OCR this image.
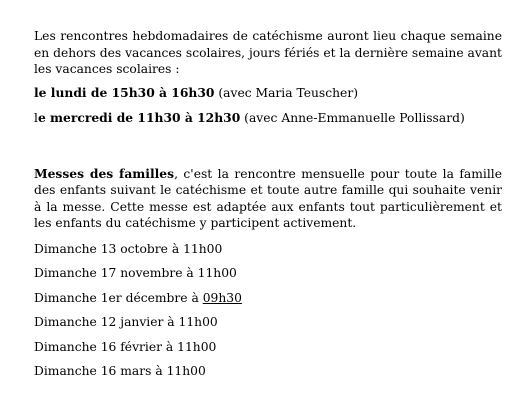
Les rencontres hebdomadaires de catéchisme auront lieu chaque semaine en dehors des vacances scolaires, jours fériés et la dernière semaine avant les vacances scolaires :

le lundi de 15h30 à 16h30 (avec Maria Teuscher)

le mercredi de 11h30 à 12h30 (avec Anne-Emmanuelle Pollissard)

Messes des familles, c'est la rencontre mensuelle pour toute la famille des enfants suivant le catéchisme et toute autre famille qui souhaite venir à la messe. Cette messe est adaptée aux enfants tout particulièrement et les enfants du catéchisme y participent activement.

Dimanche 13 octobre à 11h00

Dimanche 17 novembre à 11h00

Dimanche 1er décembre à 09h30

Dimanche 12 janvier à 11h00

Dimanche 16 février à 11h00

Dimanche 16 mars à 11h00
